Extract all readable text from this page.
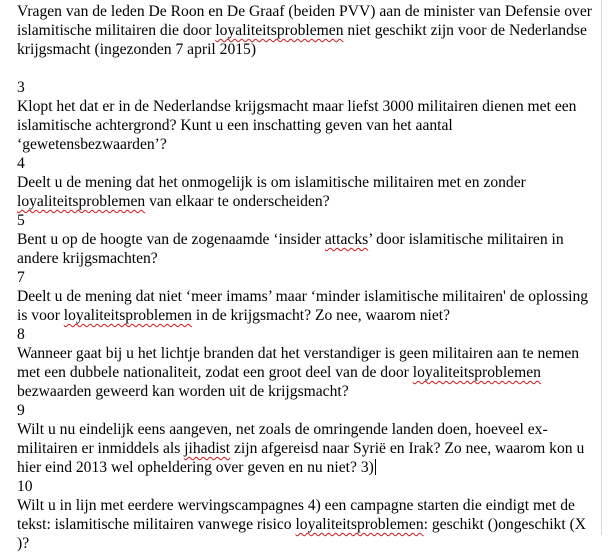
Vragen van de leden De Roon en De Graaf (beiden PVV) aan de minister van Defensie over islamitische militairen die door loyaliteitsproblemen niet geschikt zijn voor de Nederlandse krijgsmacht (ingezonden 7 april 2015)

3

Klopt het dat er in de Nederlandse krijgsmacht maar liefst 3000 militairen dienen met een islamitische achtergrond? Kunt u een inschatting geven van het aantal ‘gewetensbezwaarden’?

4

Deelt u de mening dat het onmogelijk is om islamitische militairen met en zonder loyaliteitsproblemen van elkaar te onderscheiden?

5

Bent u op de hoogte van de zogenaamde ‘insider attacks’ door islamitische militairen in andere krijgsmachten?

7

Deelt u de mening dat niet ‘meer imams’ maar ‘minder islamitische militairen' de oplossing is voor loyaliteitsproblemen in de krijgsmacht? Zo nee, waarom niet?

8

Wanneer gaat bij u het lichtje branden dat het verstandiger is geen militairen aan te nemen met een dubbele nationaliteit, zodat een groot deel van de door loyaliteitsproblemen bezwaarden geweerd kan worden uit de krijgsmacht?

9

Wilt u nu eindelijk eens aangeven, net zoals de omringende landen doen, hoeveel ex-militairen er inmiddels als jihadist zijn afgereisd naar Syrië en Irak? Zo nee, waarom kon u hier eind 2013 wel opheldering over geven en nu niet? 3)

10

Wilt u in lijn met eerdere wervingscampagnes 4) een campagne starten die eindigt met de tekst: islamitische militairen vanwege risico loyaliteitsproblemen: geschikt ()ongeschikt (X )?
